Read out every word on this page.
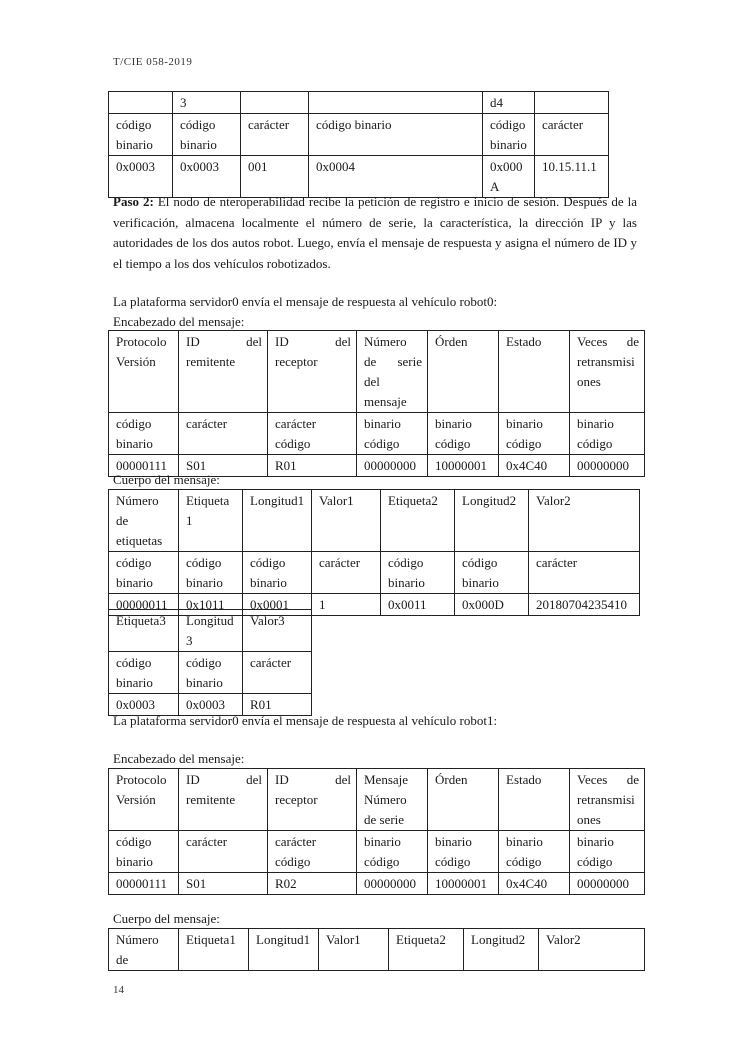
T/CIE 058-2019
	3			d4	
código binario	código binario	carácter	código binario	código binario	carácter
0x0003	0x0003	001	0x0004	0x000A	10.15.11.1

Paso 2: El nodo de nteroperabilidad recibe la petición de registro e inicio de sesión. Después de la verificación, almacena localmente el número de serie, la característica, la dirección IP y las autoridades de los dos autos robot. Luego, envía el mensaje de respuesta y asigna el número de ID y el tiempo a los dos vehículos robotizados.

La plataforma servidor0 envía el mensaje de respuesta al vehículo robot0:
Encabezado del mensaje:
Protocolo Versión	ID del remitente	ID del receptor	Número de serie del mensaje	Órden	Estado	Veces de retransmisiones
código binario	carácter	carácter código	binario código	binario código	binario código	binario código
00000111	S01	R01	00000000	10000001	0x4C40	00000000
Cuerpo del mensaje:
Número de etiquetas	Etiqueta 1	Longitud1	Valor1	Etiqueta2	Longitud2	Valor2
código binario	código binario	código binario	carácter	código binario	código binario	carácter
00000011	0x1011	0x0001	1	0x0011	0x000D	20180704235410
Etiqueta3	Longitud 3	Valor3
código binario	código binario	carácter
0x0003	0x0003	R01
La plataforma servidor0 envía el mensaje de respuesta al vehículo robot1:
Encabezado del mensaje:
Protocolo Versión	ID del remitente	ID del receptor	Mensaje Número de serie	Órden	Estado	Veces de retransmisiones
código binario	carácter	carácter código	binario código	binario código	binario código	binario código
00000111	S01	R02	00000000	10000001	0x4C40	00000000
Cuerpo del mensaje:
Número de	Etiqueta1	Longitud1	Valor1	Etiqueta2	Longitud2	Valor2
14
